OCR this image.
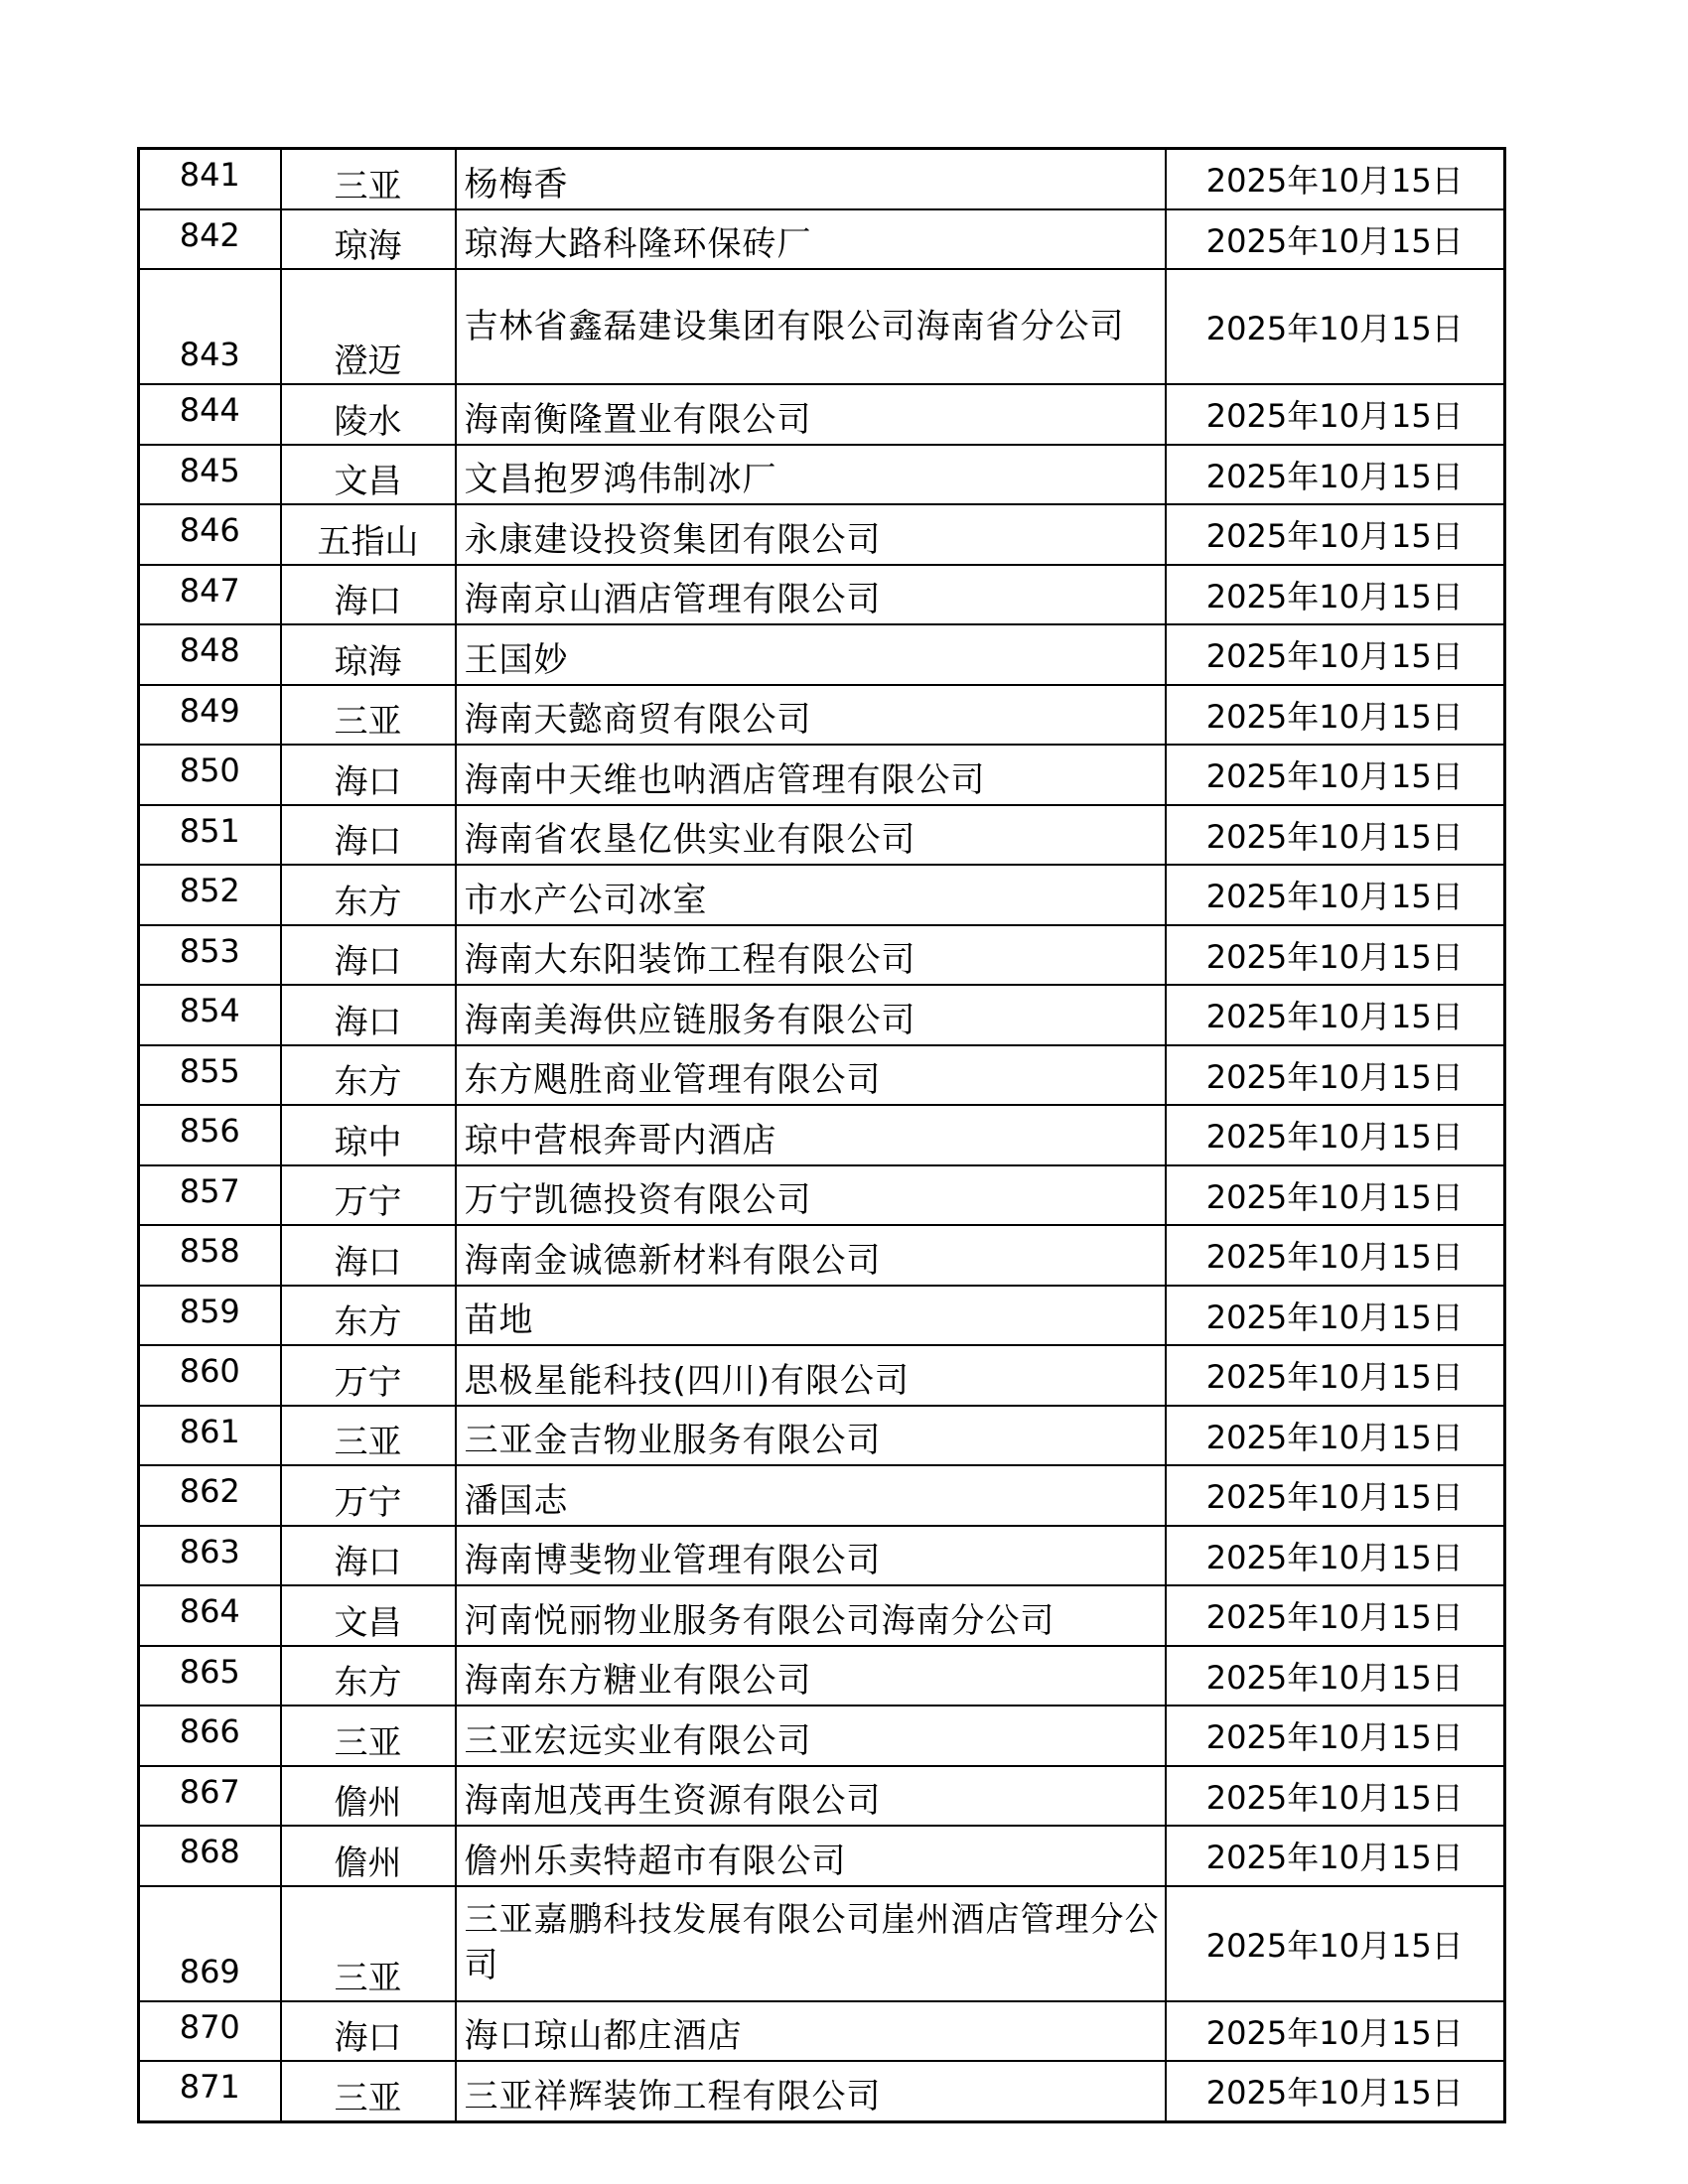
841	三亚	杨梅香	2025年10月15日
842	琼海	琼海大路科隆环保砖厂	2025年10月15日
843	澄迈	吉林省鑫磊建设集团有限公司海南省分公司	2025年10月15日
844	陵水	海南衡隆置业有限公司	2025年10月15日
845	文昌	文昌抱罗鸿伟制冰厂	2025年10月15日
846	五指山	永康建设投资集团有限公司	2025年10月15日
847	海口	海南京山酒店管理有限公司	2025年10月15日
848	琼海	王国妙	2025年10月15日
849	三亚	海南天懿商贸有限公司	2025年10月15日
850	海口	海南中天维也呐酒店管理有限公司	2025年10月15日
851	海口	海南省农垦亿供实业有限公司	2025年10月15日
852	东方	市水产公司冰室	2025年10月15日
853	海口	海南大东阳装饰工程有限公司	2025年10月15日
854	海口	海南美海供应链服务有限公司	2025年10月15日
855	东方	东方飓胜商业管理有限公司	2025年10月15日
856	琼中	琼中营根奔哥内酒店	2025年10月15日
857	万宁	万宁凯德投资有限公司	2025年10月15日
858	海口	海南金诚德新材料有限公司	2025年10月15日
859	东方	苗地	2025年10月15日
860	万宁	思极星能科技(四川)有限公司	2025年10月15日
861	三亚	三亚金吉物业服务有限公司	2025年10月15日
862	万宁	潘国志	2025年10月15日
863	海口	海南博斐物业管理有限公司	2025年10月15日
864	文昌	河南悦丽物业服务有限公司海南分公司	2025年10月15日
865	东方	海南东方糖业有限公司	2025年10月15日
866	三亚	三亚宏远实业有限公司	2025年10月15日
867	儋州	海南旭茂再生资源有限公司	2025年10月15日
868	儋州	儋州乐卖特超市有限公司	2025年10月15日
869	三亚	三亚嘉鹏科技发展有限公司崖州酒店管理分公司	2025年10月15日
870	海口	海口琼山都庄酒店	2025年10月15日
871	三亚	三亚祥辉装饰工程有限公司	2025年10月15日
